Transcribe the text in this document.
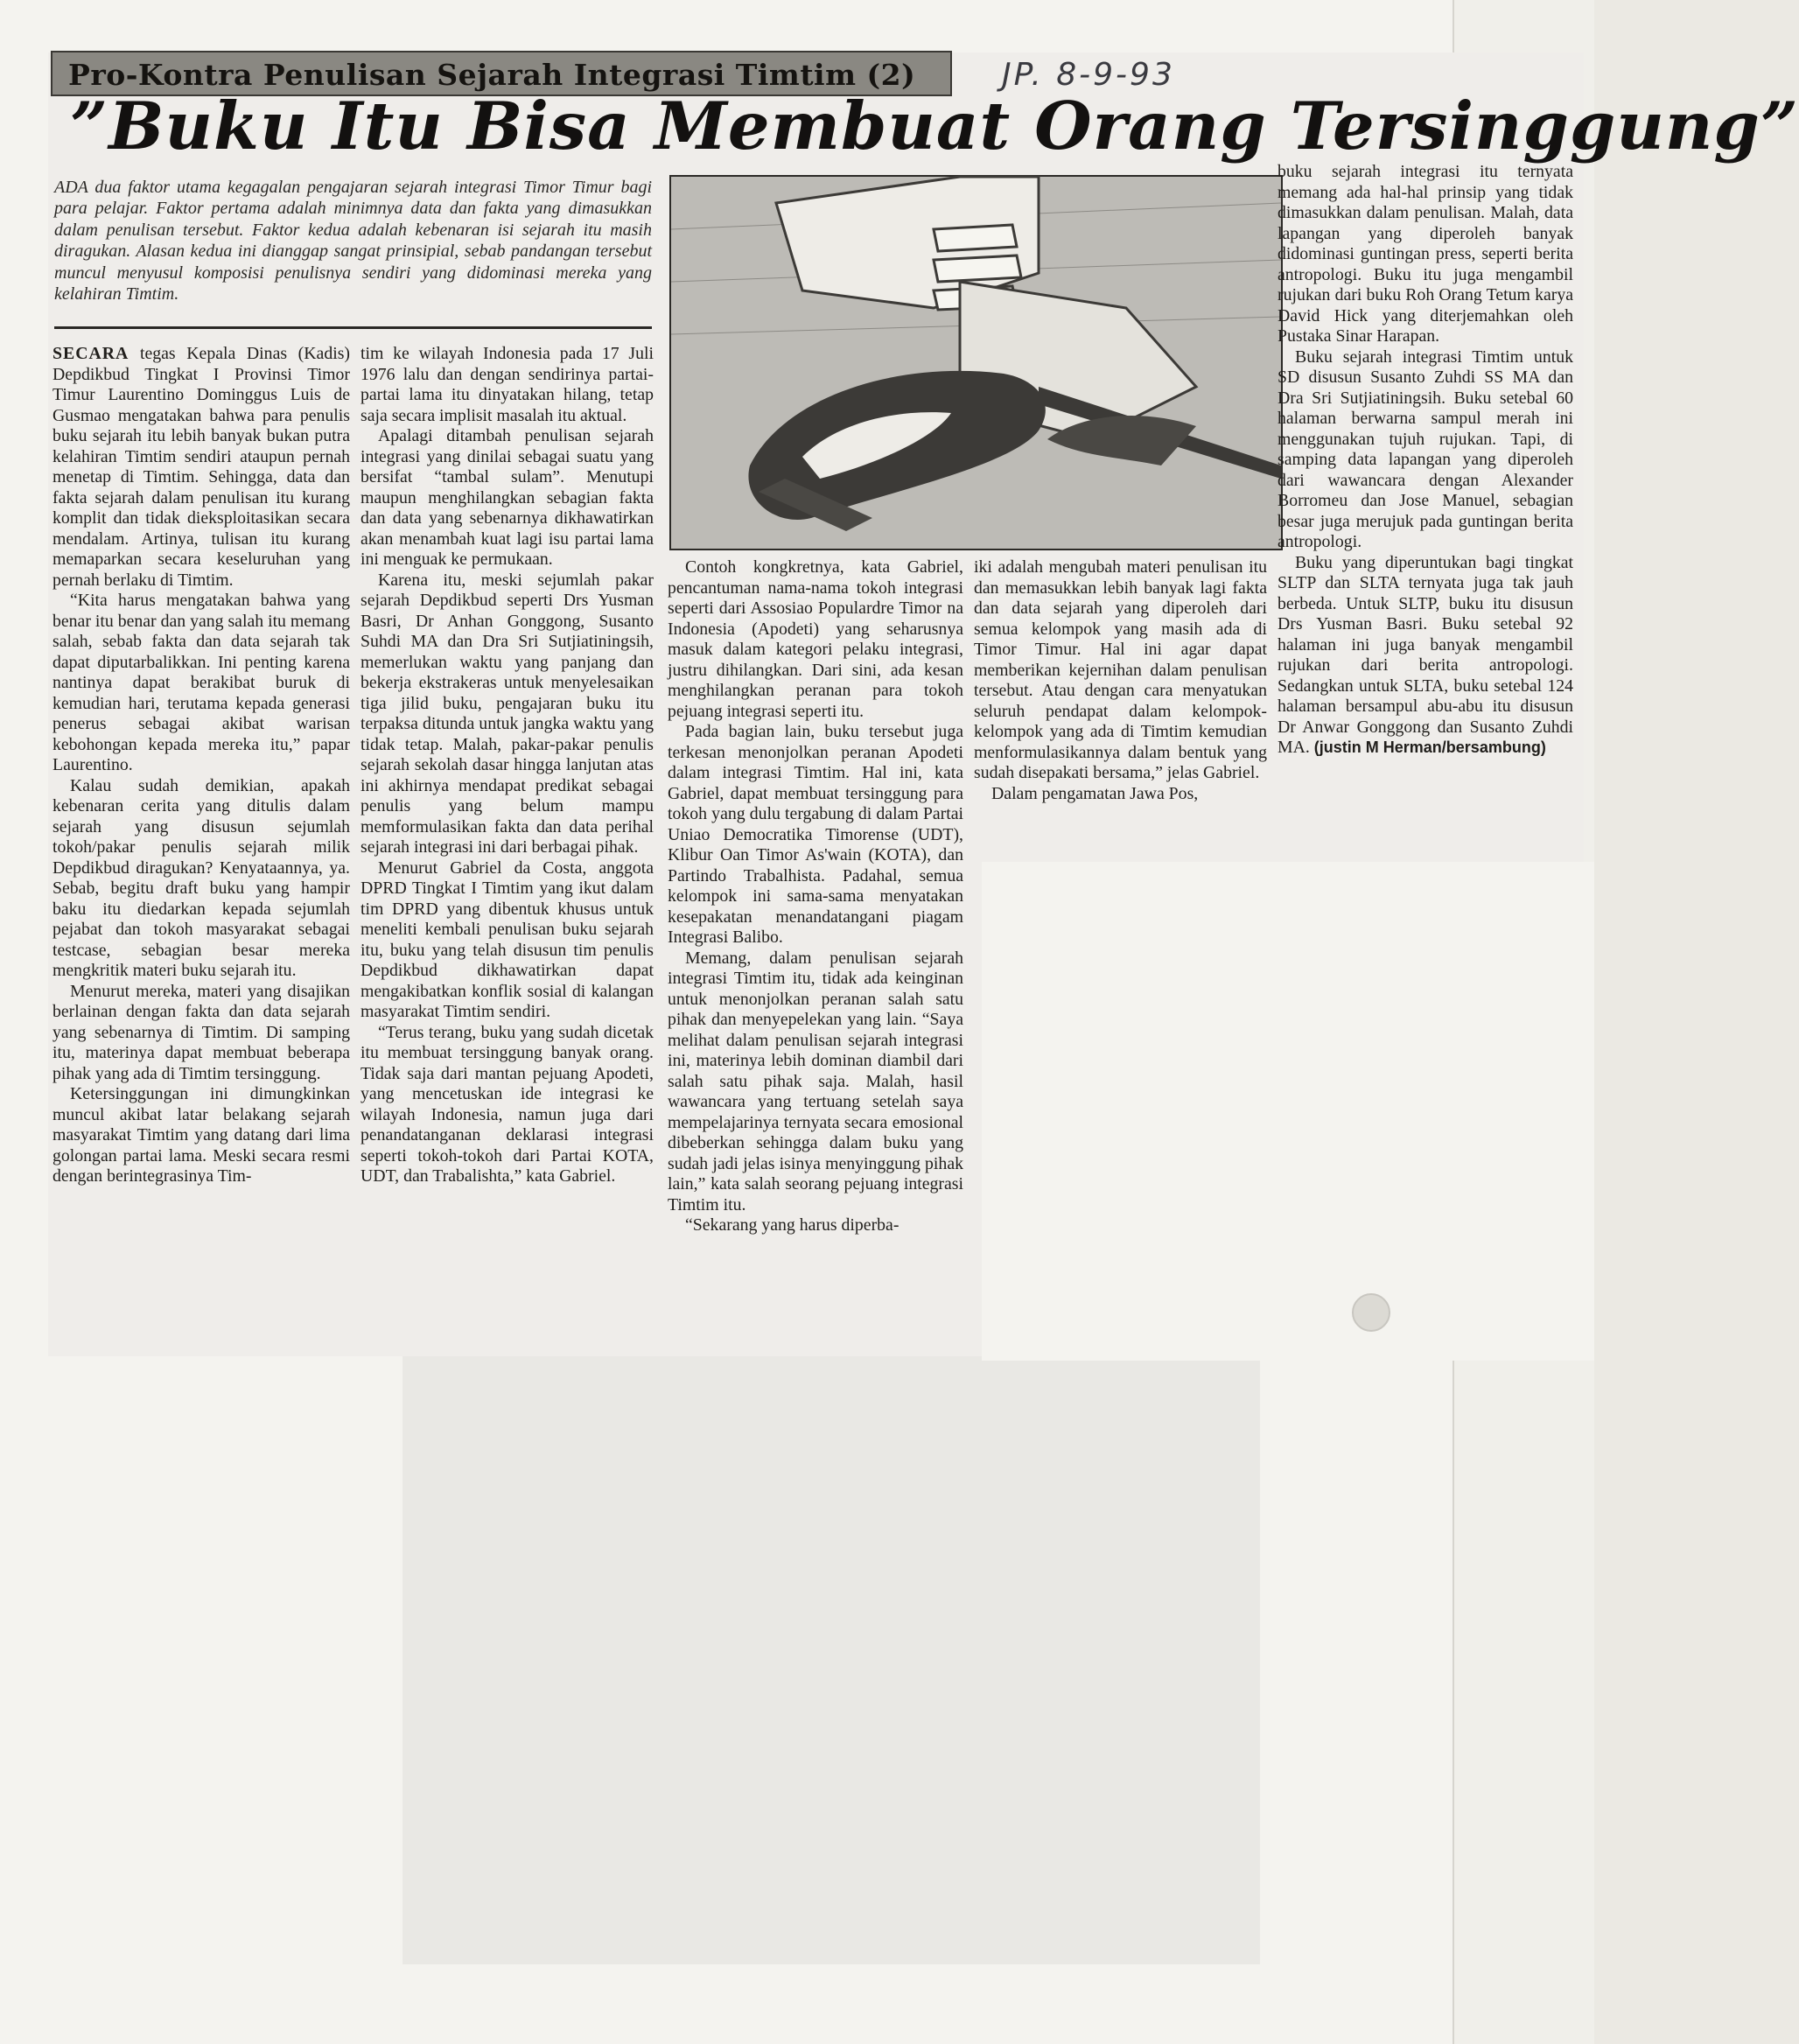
Pro-Kontra Penulisan Sejarah Integrasi Timtim (2)	JP. 8-9-93
”Buku Itu Bisa Membuat Orang Tersinggung”
ADA dua faktor utama kegagalan pengajaran sejarah integrasi Timor Timur bagi para pelajar. Faktor pertama adalah minimnya data dan fakta yang dimasukkan dalam penulisan tersebut. Faktor kedua adalah kebenaran isi sejarah itu masih diragukan. Alasan kedua ini dianggap sangat prinsipial, sebab pandangan tersebut muncul menyusul komposisi penulisnya sendiri yang didominasi mereka yang kelahiran Timtim.

SECARA tegas Kepala Dinas (Kadis) Depdikbud Tingkat I Provinsi Timor Timur Laurentino Dominggus Luis de Gusmao mengatakan bahwa para penulis buku sejarah itu lebih banyak bukan putra kelahiran Timtim sendiri ataupun pernah menetap di Timtim. Sehingga, data dan fakta sejarah dalam penulisan itu kurang komplit dan tidak dieksploitasikan secara mendalam. Artinya, tulisan itu kurang memaparkan secara keseluruhan yang pernah berlaku di Timtim.

“Kita harus mengatakan bahwa yang benar itu benar dan yang salah itu memang salah, sebab fakta dan data sejarah tak dapat diputarbalikkan. Ini penting karena nantinya dapat berakibat buruk di kemudian hari, terutama kepada generasi penerus sebagai akibat warisan kebohongan kepada mereka itu,” papar Laurentino.

Kalau sudah demikian, apakah kebenaran cerita yang ditulis dalam sejarah yang disusun sejumlah tokoh/pakar penulis sejarah milik Depdikbud diragukan? Kenyataannya, ya. Sebab, begitu draft buku yang hampir baku itu diedarkan kepada sejumlah pejabat dan tokoh masyarakat sebagai testcase, sebagian besar mereka mengkritik materi buku sejarah itu.

Menurut mereka, materi yang disajikan berlainan dengan fakta dan data sejarah yang sebenarnya di Timtim. Di samping itu, materinya dapat membuat beberapa pihak yang ada di Timtim tersinggung.

Ketersinggungan ini dimungkinkan muncul akibat latar belakang sejarah masyarakat Timtim yang datang dari lima golongan partai lama. Meski secara resmi dengan berintegrasinya Tim-

tim ke wilayah Indonesia pada 17 Juli 1976 lalu dan dengan sendirinya partai-partai lama itu dinyatakan hilang, tetap saja secara implisit masalah itu aktual.

Apalagi ditambah penulisan sejarah integrasi yang dinilai sebagai suatu yang bersifat “tambal sulam”. Menutupi maupun menghilangkan sebagian fakta dan data yang sebenarnya dikhawatirkan akan menambah kuat lagi isu partai lama ini menguak ke permukaan.

Karena itu, meski sejumlah pakar sejarah Depdikbud seperti Drs Yusman Basri, Dr Anhan Gonggong, Susanto Suhdi MA dan Dra Sri Sutjiatiningsih, memerlukan waktu yang panjang dan bekerja ekstrakeras untuk menyelesaikan tiga jilid buku, pengajaran buku itu terpaksa ditunda untuk jangka waktu yang tidak tetap. Malah, pakar-pakar penulis sejarah sekolah dasar hingga lanjutan atas ini akhirnya mendapat predikat sebagai penulis yang belum mampu memformulasikan fakta dan data perihal sejarah integrasi ini dari berbagai pihak.

Menurut Gabriel da Costa, anggota DPRD Tingkat I Timtim yang ikut dalam tim DPRD yang dibentuk khusus untuk meneliti kembali penulisan buku sejarah itu, buku yang telah disusun tim penulis Depdikbud dikhawatirkan dapat mengakibatkan konflik sosial di kalangan masyarakat Timtim sendiri.

“Terus terang, buku yang sudah dicetak itu membuat tersinggung banyak orang. Tidak saja dari mantan pejuang Apodeti, yang mencetuskan ide integrasi ke wilayah Indonesia, namun juga dari penandatanganan deklarasi integrasi seperti tokoh-tokoh dari Partai KOTA, UDT, dan Trabalishta,” kata Gabriel.

Contoh kongkretnya, kata Gabriel, pencantuman nama-nama tokoh integrasi seperti dari Assosiao Populardre Timor na Indonesia (Apodeti) yang seharusnya masuk dalam kategori pelaku integrasi, justru dihilangkan. Dari sini, ada kesan menghilangkan peranan para tokoh pejuang integrasi seperti itu.

Pada bagian lain, buku tersebut juga terkesan menonjolkan peranan Apodeti dalam integrasi Timtim. Hal ini, kata Gabriel, dapat membuat tersinggung para tokoh yang dulu tergabung di dalam Partai Uniao Democratika Timorense (UDT), Klibur Oan Timor As'wain (KOTA), dan Partindo Trabalhista. Padahal, semua kelompok ini sama-sama menyatakan kesepakatan menandatangani piagam Integrasi Balibo.

Memang, dalam penulisan sejarah integrasi Timtim itu, tidak ada keinginan untuk menonjolkan peranan salah satu pihak dan menyepelekan yang lain. “Saya melihat dalam penulisan sejarah integrasi ini, materinya lebih dominan diambil dari salah satu pihak saja. Malah, hasil wawancara yang tertuang setelah saya mempelajarinya ternyata secara emosional dibeberkan sehingga dalam buku yang sudah jadi jelas isinya menyinggung pihak lain,” kata salah seorang pejuang integrasi Timtim itu.

“Sekarang yang harus diperba-

iki adalah mengubah materi penulisan itu dan memasukkan lebih banyak lagi fakta dan data sejarah yang diperoleh dari semua kelompok yang masih ada di Timor Timur. Hal ini agar dapat memberikan kejernihan dalam penulisan tersebut. Atau dengan cara menyatukan seluruh pendapat dalam kelompok-kelompok yang ada di Timtim kemudian menformulasikannya dalam bentuk yang sudah disepakati bersama,” jelas Gabriel.

Dalam pengamatan Jawa Pos,

buku sejarah integrasi itu ternyata memang ada hal-hal prinsip yang tidak dimasukkan dalam penulisan. Malah, data lapangan yang diperoleh banyak didominasi guntingan press, seperti berita antropologi. Buku itu juga mengambil rujukan dari buku Roh Orang Tetum karya David Hick yang diterjemahkan oleh Pustaka Sinar Harapan.

Buku sejarah integrasi Timtim untuk SD disusun Susanto Zuhdi SS MA dan Dra Sri Sutjiatiningsih. Buku setebal 60 halaman berwarna sampul merah ini menggunakan tujuh rujukan. Tapi, di samping data lapangan yang diperoleh dari wawancara dengan Alexander Borromeu dan Jose Manuel, sebagian besar juga merujuk pada guntingan berita antropologi.

Buku yang diperuntukan bagi tingkat SLTP dan SLTA ternyata juga tak jauh berbeda. Untuk SLTP, buku itu disusun Drs Yusman Basri. Buku setebal 92 halaman ini juga banyak mengambil rujukan dari berita antropologi. Sedangkan untuk SLTA, buku setebal 124 halaman bersampul abu-abu itu disusun Dr Anwar Gonggong dan Susanto Zuhdi MA. (justin M Herman/bersambung)
